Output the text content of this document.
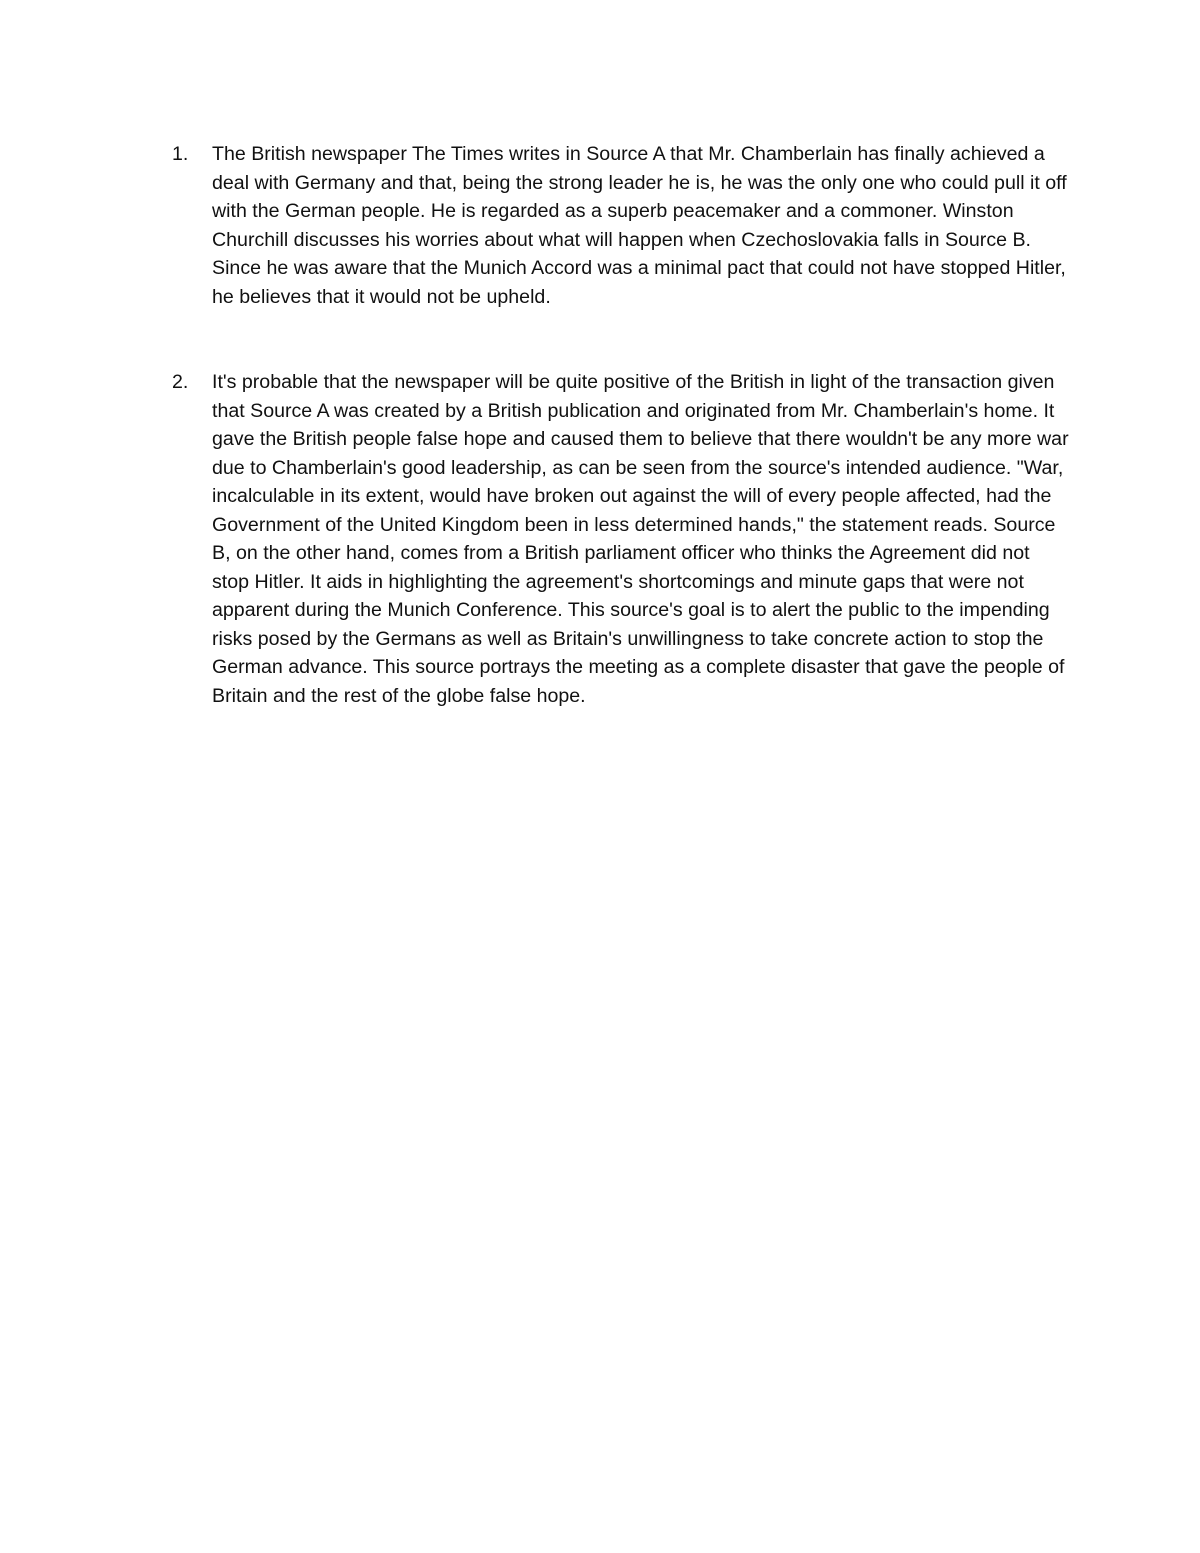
1.	The British newspaper The Times writes in Source A that Mr. Chamberlain has finally achieved a deal with Germany and that, being the strong leader he is, he was the only one who could pull it off with the German people. He is regarded as a superb peacemaker and a commoner. Winston Churchill discusses his worries about what will happen when Czechoslovakia falls in Source B. Since he was aware that the Munich Accord was a minimal pact that could not have stopped Hitler, he believes that it would not be upheld.
2.	It's probable that the newspaper will be quite positive of the British in light of the transaction given that Source A was created by a British publication and originated from Mr. Chamberlain's home. It gave the British people false hope and caused them to believe that there wouldn't be any more war due to Chamberlain's good leadership, as can be seen from the source's intended audience. "War, incalculable in its extent, would have broken out against the will of every people affected, had the Government of the United Kingdom been in less determined hands," the statement reads. Source B, on the other hand, comes from a British parliament officer who thinks the Agreement did not stop Hitler. It aids in highlighting the agreement's shortcomings and minute gaps that were not apparent during the Munich Conference. This source's goal is to alert the public to the impending risks posed by the Germans as well as Britain's unwillingness to take concrete action to stop the German advance. This source portrays the meeting as a complete disaster that gave the people of Britain and the rest of the globe false hope.
